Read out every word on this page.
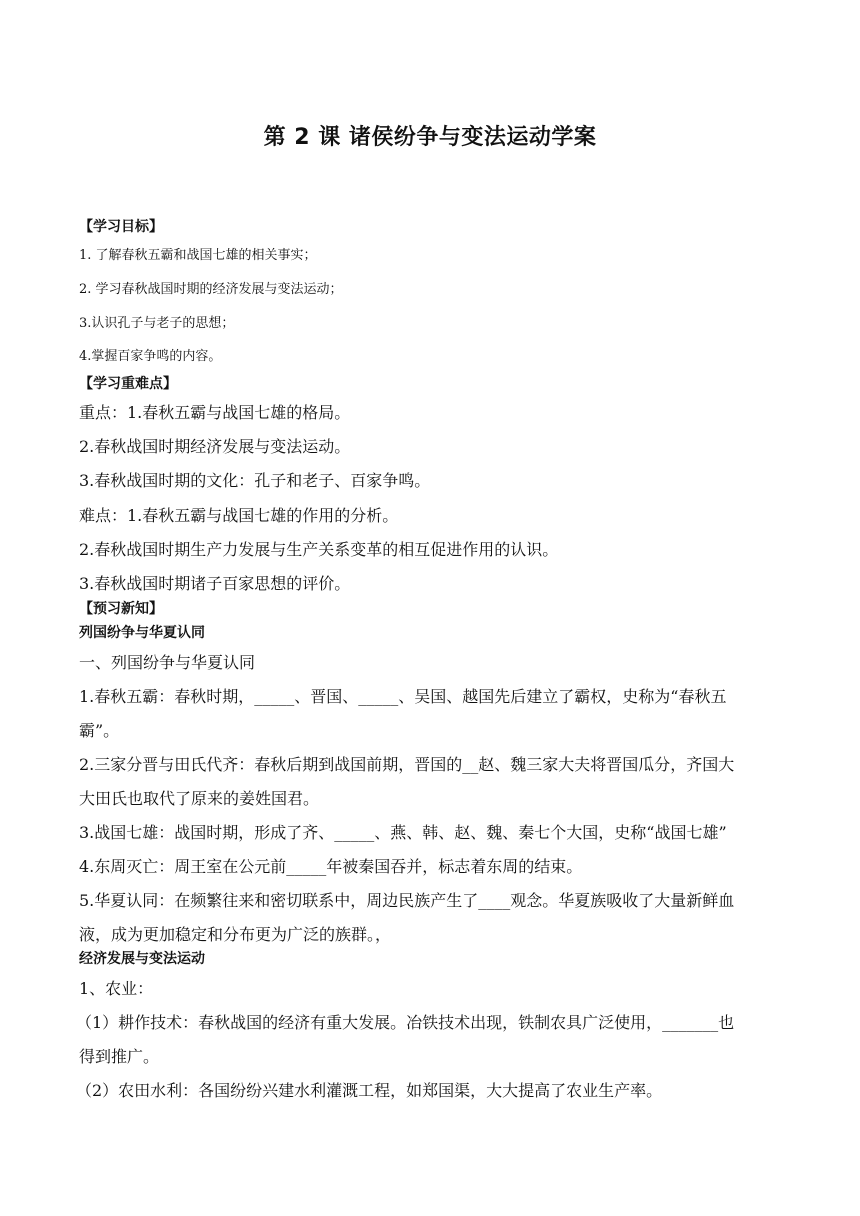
第 2 课 诸侯纷争与变法运动学案
【学习目标】
1. 了解春秋五霸和战国七雄的相关事实；
2. 学习春秋战国时期的经济发展与变法运动；
3.认识孔子与老子的思想；
4.掌握百家争鸣的内容。
【学习重难点】
重点：1.春秋五霸与战国七雄的格局。
2.春秋战国时期经济发展与变法运动。
3.春秋战国时期的文化：孔子和老子、百家争鸣。
难点：1.春秋五霸与战国七雄的作用的分析。
2.春秋战国时期生产力发展与生产关系变革的相互促进作用的认识。
3.春秋战国时期诸子百家思想的评价。
【预习新知】
列国纷争与华夏认同
一、列国纷争与华夏认同
1.春秋五霸：春秋时期，_____、晋国、_____、吴国、越国先后建立了霸权，史称为“春秋五
霸”。
2.三家分晋与田氏代齐：春秋后期到战国前期，晋国的__赵、魏三家大夫将晋国瓜分，齐国大
大田氏也取代了原来的姜姓国君。
3.战国七雄：战国时期，形成了齐、_____、燕、韩、赵、魏、秦七个大国，史称“战国七雄”
4.东周灭亡：周王室在公元前_____年被秦国吞并，标志着东周的结束。
5.华夏认同：在频繁往来和密切联系中，周边民族产生了____观念。华夏族吸收了大量新鲜血
液，成为更加稳定和分布更为广泛的族群。，
经济发展与变法运动
1、农业：
（1）耕作技术：春秋战国的经济有重大发展。冶铁技术出现，铁制农具广泛使用，_______也
得到推广。
（2）农田水利：各国纷纷兴建水利灌溉工程，如郑国渠，大大提高了农业生产率。
